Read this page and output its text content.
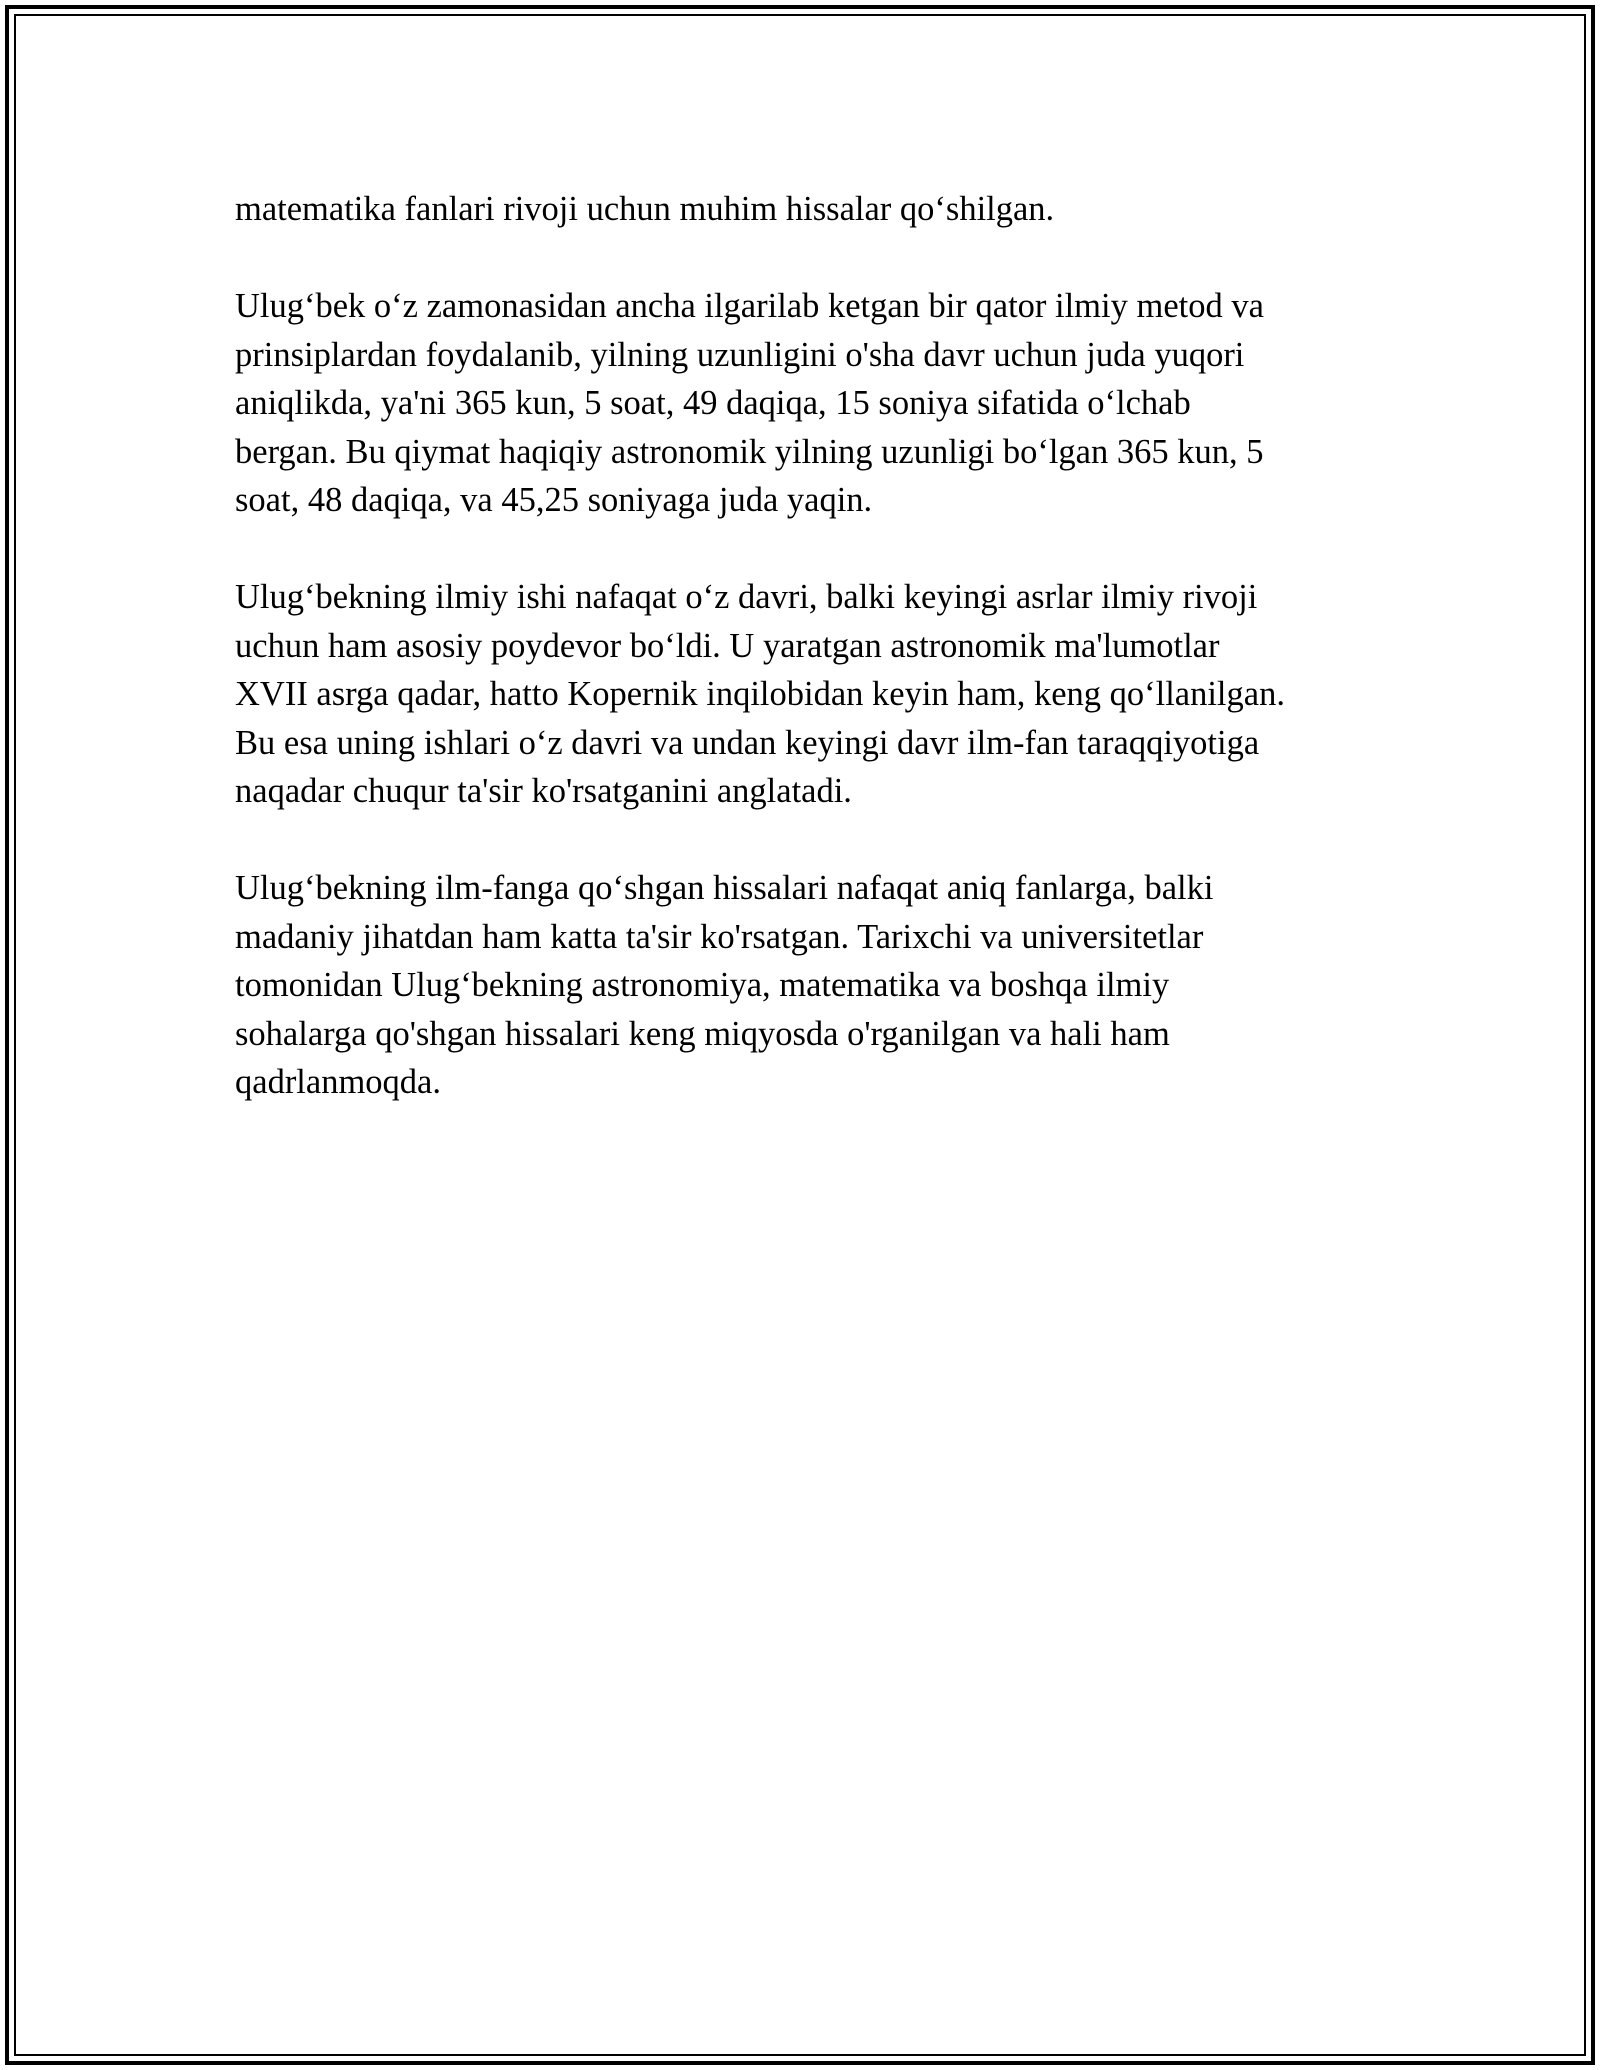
matematika fanlari rivoji uchun muhim hissalar qo‘shilgan.

Ulug‘bek o‘z zamonasidan ancha ilgarilab ketgan bir qator ilmiy metod va
prinsiplardan foydalanib, yilning uzunligini o'sha davr uchun juda yuqori
aniqlikda, ya'ni 365 kun, 5 soat, 49 daqiqa, 15 soniya sifatida o‘lchab
bergan. Bu qiymat haqiqiy astronomik yilning uzunligi bo‘lgan 365 kun, 5
soat, 48 daqiqa, va 45,25 soniyaga juda yaqin.

Ulug‘bekning ilmiy ishi nafaqat o‘z davri, balki keyingi asrlar ilmiy rivoji
uchun ham asosiy poydevor bo‘ldi. U yaratgan astronomik ma'lumotlar
XVII asrga qadar, hatto Kopernik inqilobidan keyin ham, keng qo‘llanilgan.
Bu esa uning ishlari o‘z davri va undan keyingi davr ilm-fan taraqqiyotiga
naqadar chuqur ta'sir ko'rsatganini anglatadi.

Ulug‘bekning ilm-fanga qo‘shgan hissalari nafaqat aniq fanlarga, balki
madaniy jihatdan ham katta ta'sir ko'rsatgan. Tarixchi va universitetlar
tomonidan Ulug‘bekning astronomiya, matematika va boshqa ilmiy
sohalarga qo'shgan hissalari keng miqyosda o'rganilgan va hali ham
qadrlanmoqda.
